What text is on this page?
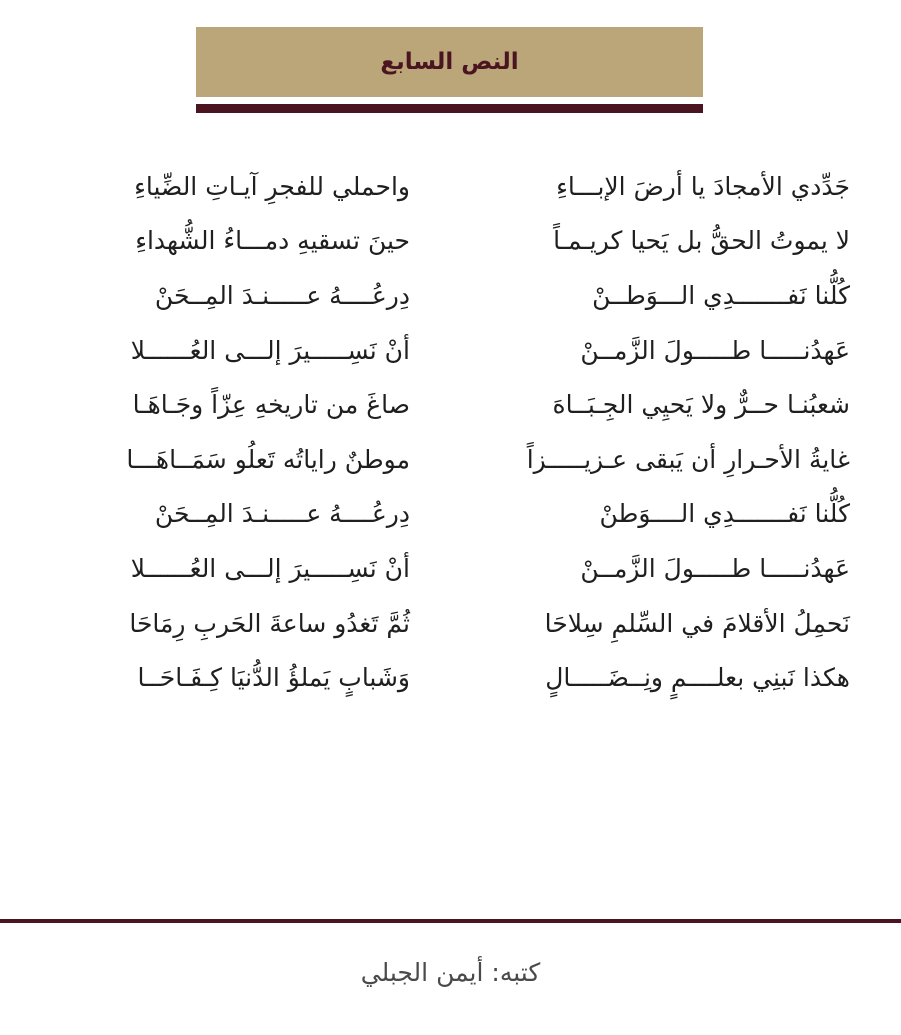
النص السابع
جَدِّدي الأمجادَ يا أرضَ الإبـــاءِ
واحملي للفجرِ آيـاتِ الضِّياءِ
لا يموتُ الحقُّ بل يَحيا كريـمـاً
حينَ تسقيهِ دمـــاءُ الشُّهداءِ
كُلُّنا نَفـــــــدِي الـــوَطــنْ
دِرعُــــهُ عـــــنـدَ المِــحَنْ
عَهدُنـــــا طـــــولَ الزَّمــنْ
أنْ نَسِـــــيرَ إلـــى العُــــــلا
شعبُنـا حــرٌّ ولا يَحيِي الجِـبَــاهَ
صاغَ من تاريخهِ عِزّاً وجَـاهَـا
غايةُ الأحـرارِ أن يَبقى عـزيـــــزاً
موطنٌ راياتُه تَعلُو سَمَــاهَـــا
كُلُّنا نَفـــــــدِي الــــوَطنْ
دِرعُــــهُ عـــــنـدَ المِــحَنْ
عَهدُنـــــا طـــــولَ الزَّمــنْ
أنْ نَسِـــــيرَ إلـــى العُــــــلا
نَحمِلُ الأقلامَ في السِّلمِ سِلاحَا
ثُمَّ تَغدُو ساعةَ الحَربِ رِمَاحَا
هكذا نَبنِي بعلــــمٍ ونِــضَـــــالٍ
وَشَبابٍ يَملؤُ الدُّنيَا كِـفَـاحَــا
كتبه: أيمن الجبلي
